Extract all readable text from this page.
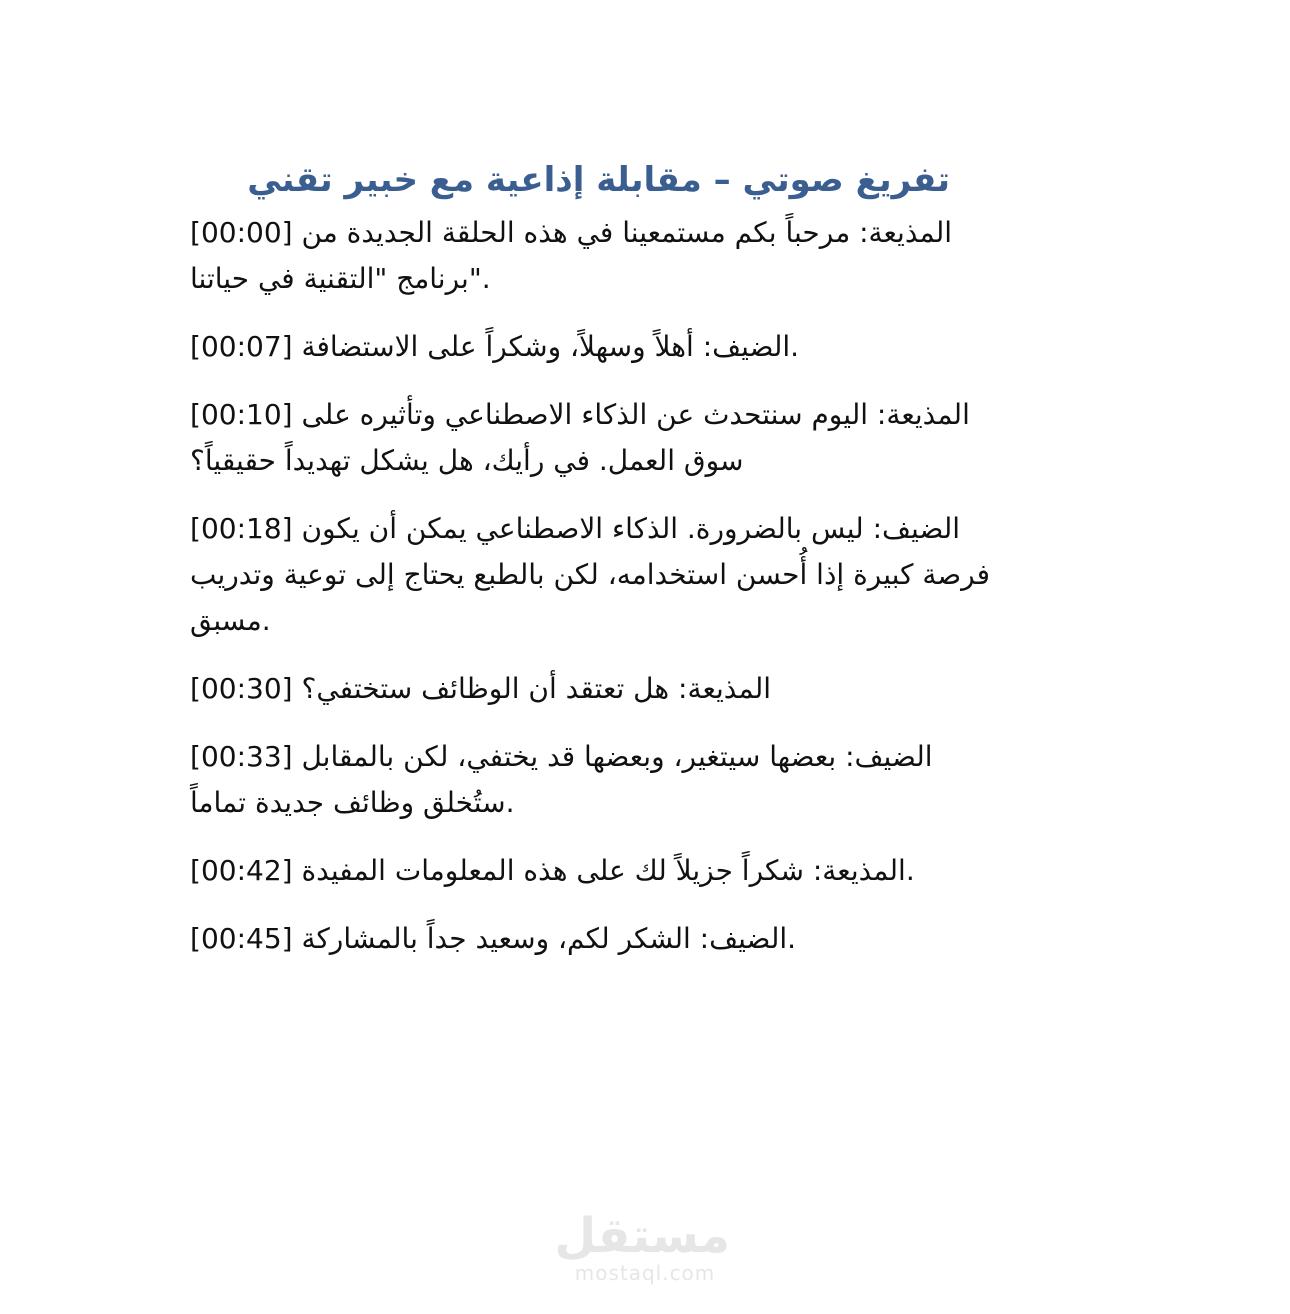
تفريغ صوتي – مقابلة إذاعية مع خبير تقني
المذيعة: مرحباً بكم مستمعينا في هذه الحلقة الجديدة من [00:00]
برنامج "التقنية في حياتنا".
الضيف: أهلاً وسهلاً، وشكراً على الاستضافة [00:07].
المذيعة: اليوم سنتحدث عن الذكاء الاصطناعي وتأثيره على [00:10]
سوق العمل. في رأيك، هل يشكل تهديداً حقيقياً؟
الضيف: ليس بالضرورة. الذكاء الاصطناعي يمكن أن يكون [00:18]
فرصة كبيرة إذا أُحسن استخدامه، لكن بالطبع يحتاج إلى توعية وتدريب
مسبق.
المذيعة: هل تعتقد أن الوظائف ستختفي؟ [00:30]
الضيف: بعضها سيتغير، وبعضها قد يختفي، لكن بالمقابل [00:33]
ستُخلق وظائف جديدة تماماً.
المذيعة: شكراً جزيلاً لك على هذه المعلومات المفيدة [00:42].
الضيف: الشكر لكم، وسعيد جداً بالمشاركة [00:45].
مستقل
mostaql.com
